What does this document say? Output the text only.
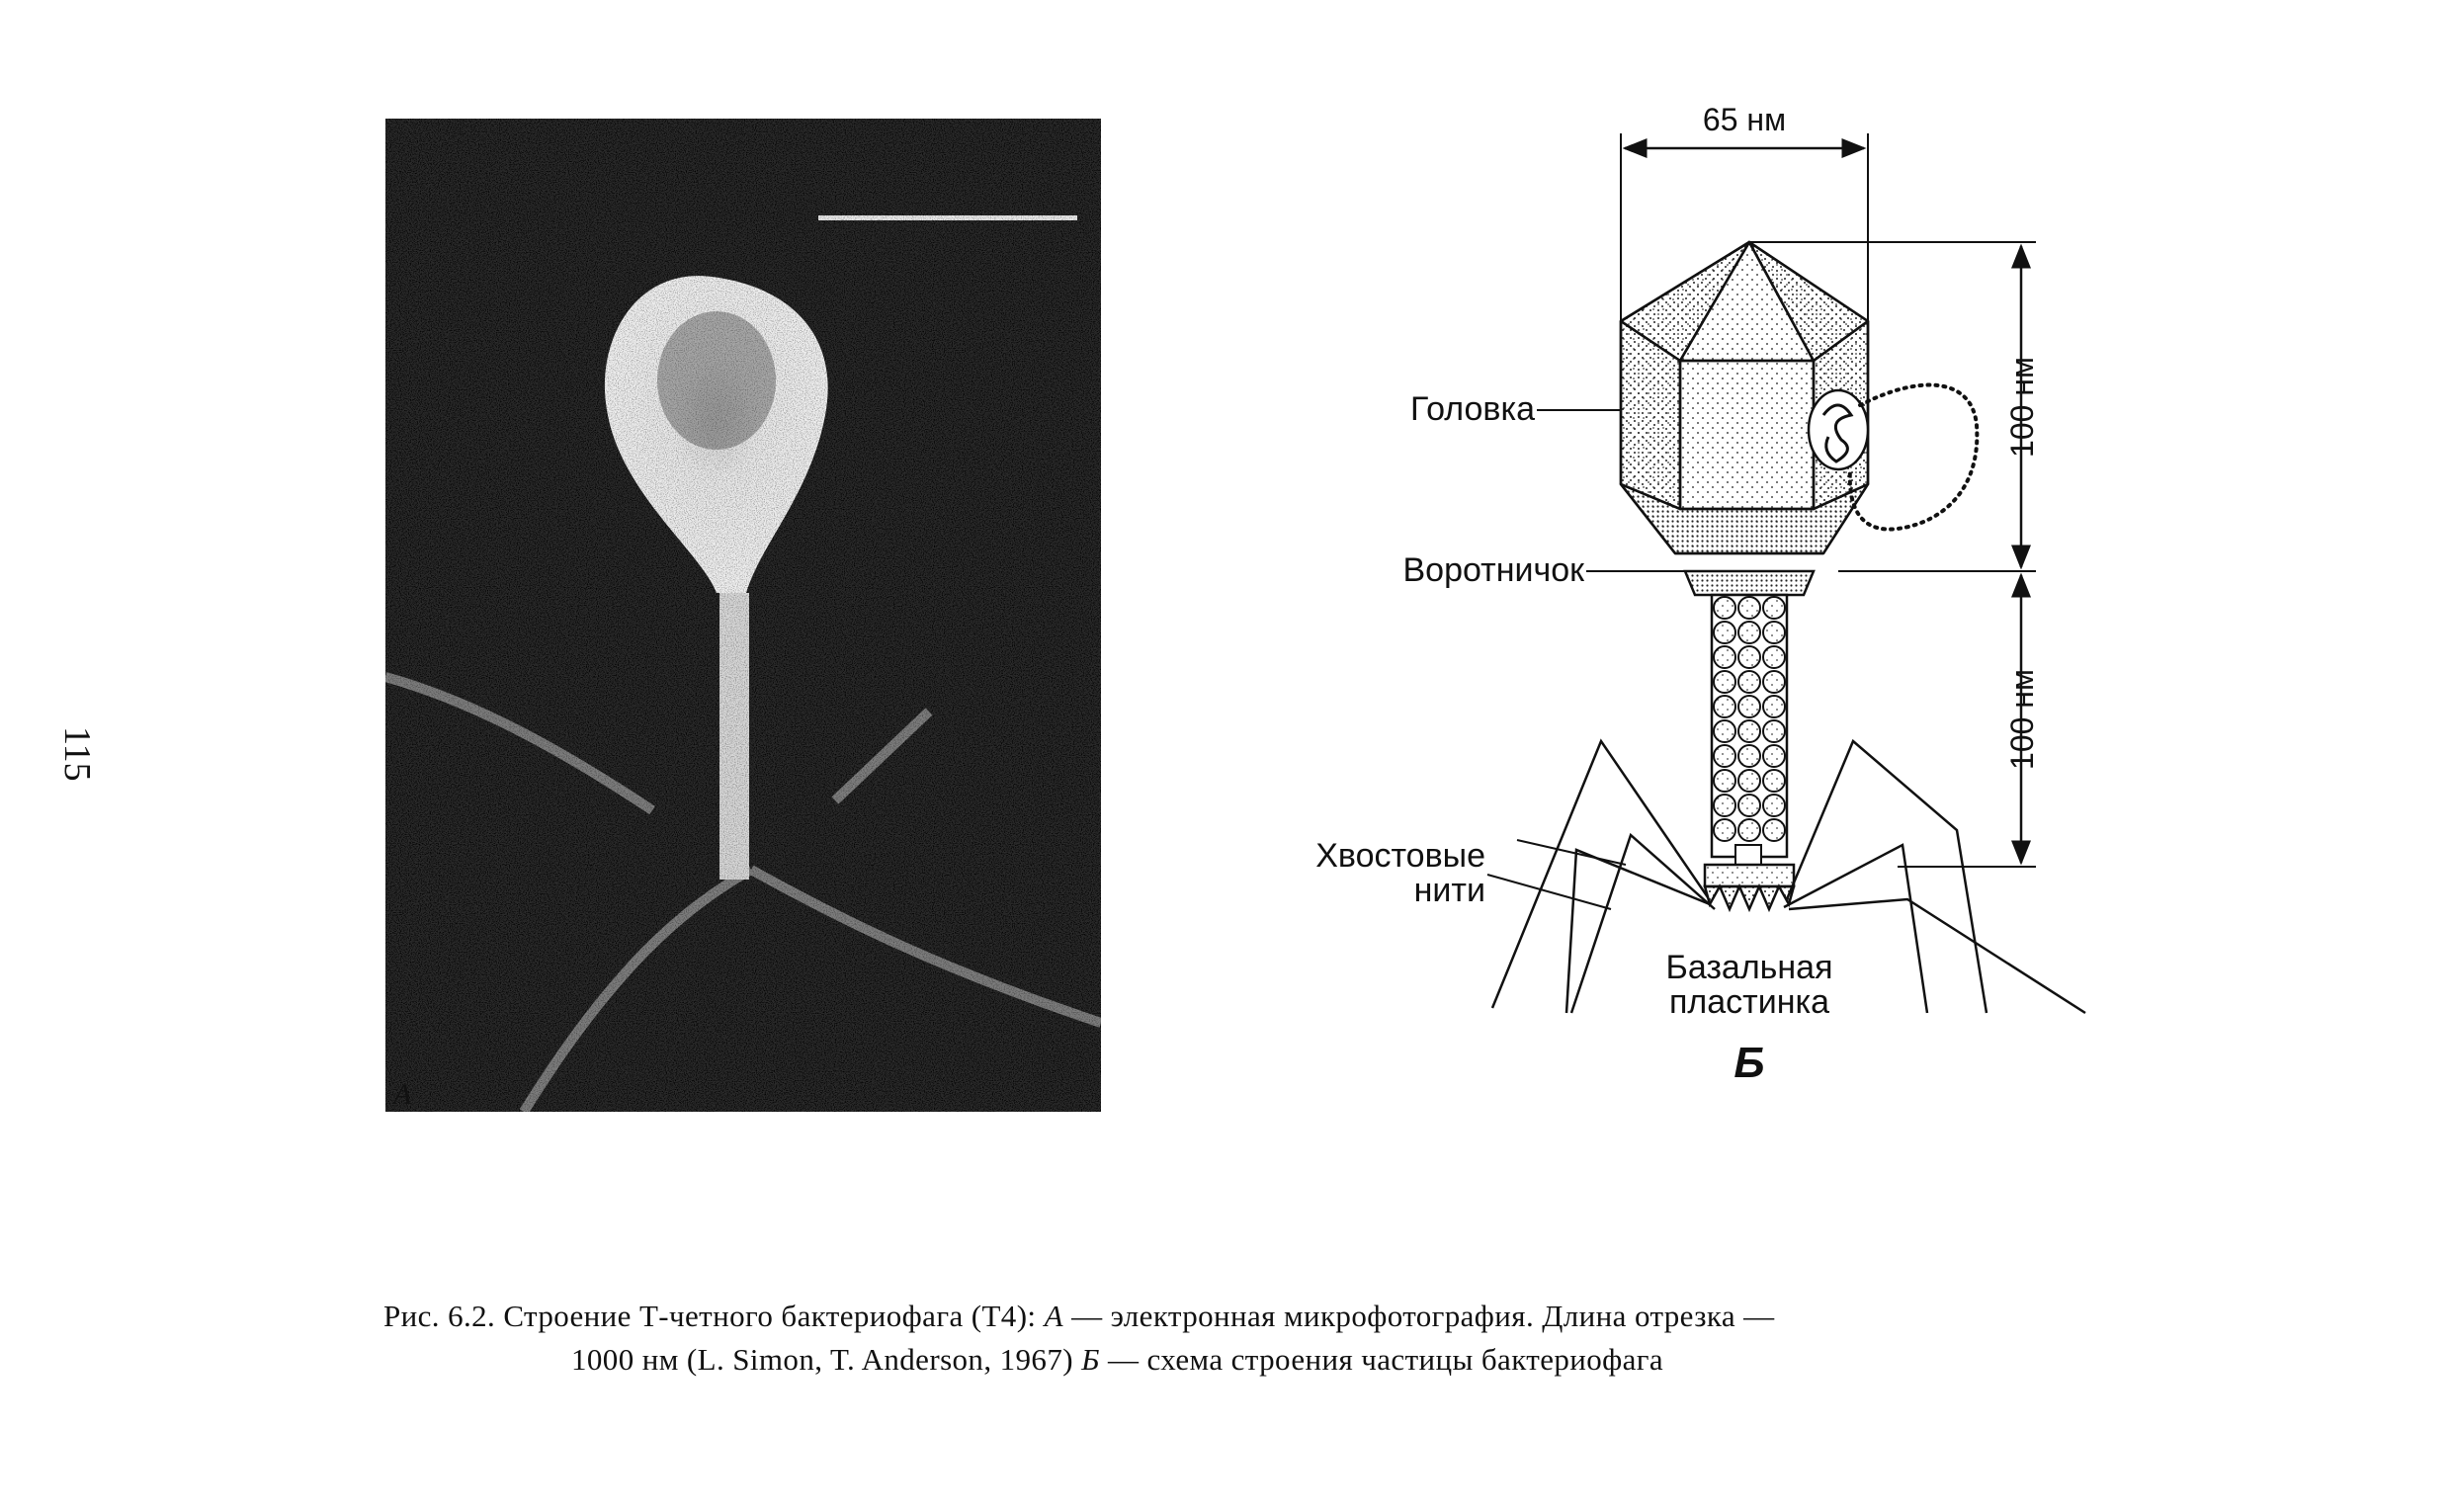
115
A
65 нм
100 нм
100 нм
Головка
Воротничок
Хвостовые
нити
Базальная
пластинка
Б
Рис. 6.2. Строение Т-четного бактериофага (Т4): А — электронная микрофотография. Длина отрезка —
1000 нм (L. Simon, T. Anderson, 1967) Б — схема строения частицы бактериофага
